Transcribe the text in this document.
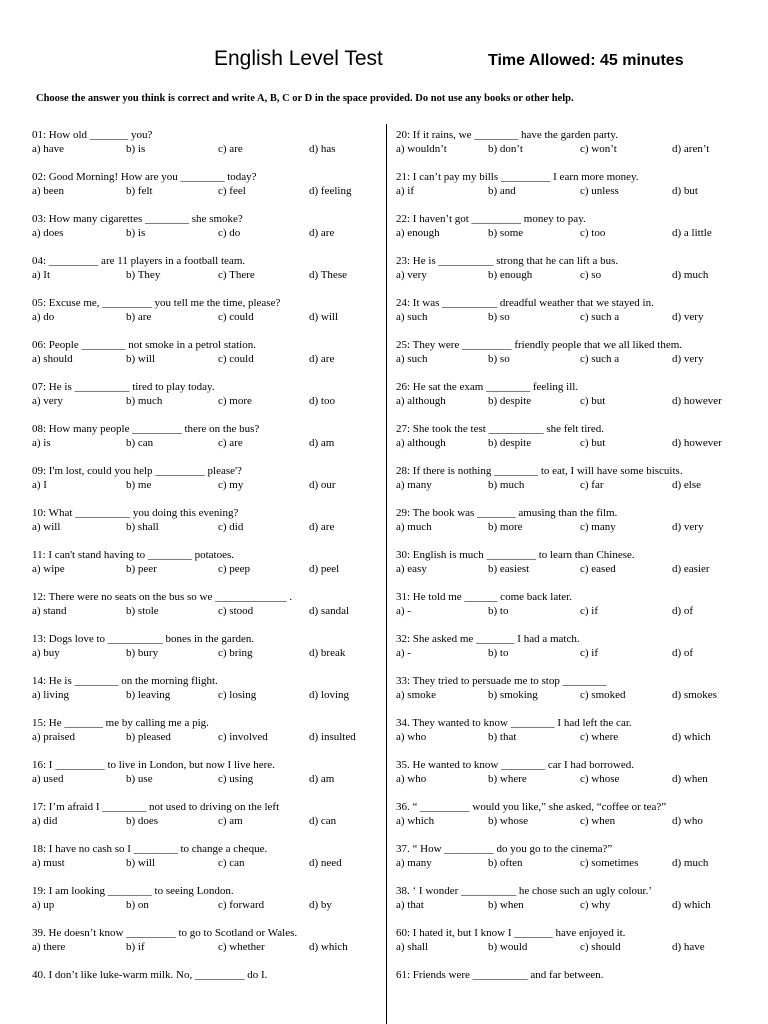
English Level Test	Time Allowed: 45 minutes
Choose the answer you think is correct and write A, B, C or D in the space provided. Do not use any books or other help.
01: How old _______ you?
a) have	b) is	c) are	d) has
02: Good Morning! How are you ________ today?
a) been	b) felt	c) feel	d) feeling
03: How many cigarettes ________ she smoke?
a) does	b) is	c) do	d) are
04: _________ are 11 players in a football team.
a) It	b) They	c) There	d) These
05: Excuse me, _________ you tell me the time, please?
a) do	b) are	c) could	d) will
06: People ________ not smoke in a petrol station.
a) should	b) will	c) could	d) are
07: He is __________ tired to play today.
a) very	b) much	c) more	d) too
08: How many people _________ there on the bus?
a) is	b) can	c) are	d) am
09: I'm lost, could you help _________ please'?
a) I	b) me	c) my	d) our
10: What __________ you doing this evening?
a) will	b) shall	c) did	d) are
11: I can't stand having to ________ potatoes.
a) wipe	b) peer	c) peep	d) peel
12: There were no seats on the bus so we _____________ .
a) stand	b) stole	c) stood	d) sandal
13: Dogs love to __________ bones in the garden.
a) buy	b) bury	c) bring	d) break
14: He is ________ on the morning flight.
a) living	b) leaving	c) losing	d) loving
15: He _______ me by calling me a pig.
a) praised	b) pleased	c) involved	d) insulted
16: I _________ to live in London, but now I live here.
a) used	b) use	c) using	d) am
17: I’m afraid I ________ not used to driving on the left
a) did	b) does	c) am	d) can
18: I have no cash so I ________ to change a cheque.
a) must	b) will	c) can	d) need
19: I am looking ________ to seeing London.
a) up	b) on	c) forward	d) by
39. He doesn’t know _________ to go to Scotland or Wales.
a) there	b) if	c) whether	d) which
40. I don’t like luke-warm milk. No, _________ do I.
20: If it rains, we ________ have the garden party.
a) wouldn’t	b) don’t	c) won’t	d) aren’t
21: I can’t pay my bills _________ I earn more money.
a) if	b) and	c) unless	d) but
22: I haven’t got _________ money to pay.
a) enough	b) some	c) too	d) a little
23: He is __________ strong that he can lift a bus.
a) very	b) enough	c) so	d) much
24: It was __________ dreadful weather that we stayed in.
a) such	b) so	c) such a	d) very
25: They were _________ friendly people that we all liked them.
a) such	b) so	c) such a	d) very
26: He sat the exam ________ feeling ill.
a) although	b) despite	c) but	d) however
27: She took the test __________ she felt tired.
a) although	b) despite	c) but	d) however
28: If there is nothing ________ to eat, I will have some biscuits.
a) many	b) much	c) far	d) else
29: The book was _______ amusing than the film.
a) much	b) more	c) many	d) very
30: English is much _________ to learn than Chinese.
a) easy	b) easiest	c) eased	d) easier
31: He told me ______ come back later.
a) -	b) to	c) if	d) of
32: She asked me _______ I had a match.
a) -	b) to	c) if	d) of
33: They tried to persuade me to stop ________
a) smoke	b) smoking	c) smoked	d) smokes
34. They wanted to know ________ I had left the car.
a) who	b) that	c) where	d) which
35. He wanted to know ________ car I had borrowed.
a) who	b) where	c) whose	d) when
36. “ _________ would you like,” she asked, “coffee or tea?”
a) which	b) whose	c) when	d) who
37. “ How _________ do you go to the cinema?”
a) many	b) often	c) sometimes	d) much
38. ‘ I wonder __________ he chose such an ugly colour.’
a) that	b) when	c) why	d) which
60: I hated it, but I know I _______ have enjoyed it.
a) shall	b) would	c) should	d) have
61: Friends were __________ and far between.
